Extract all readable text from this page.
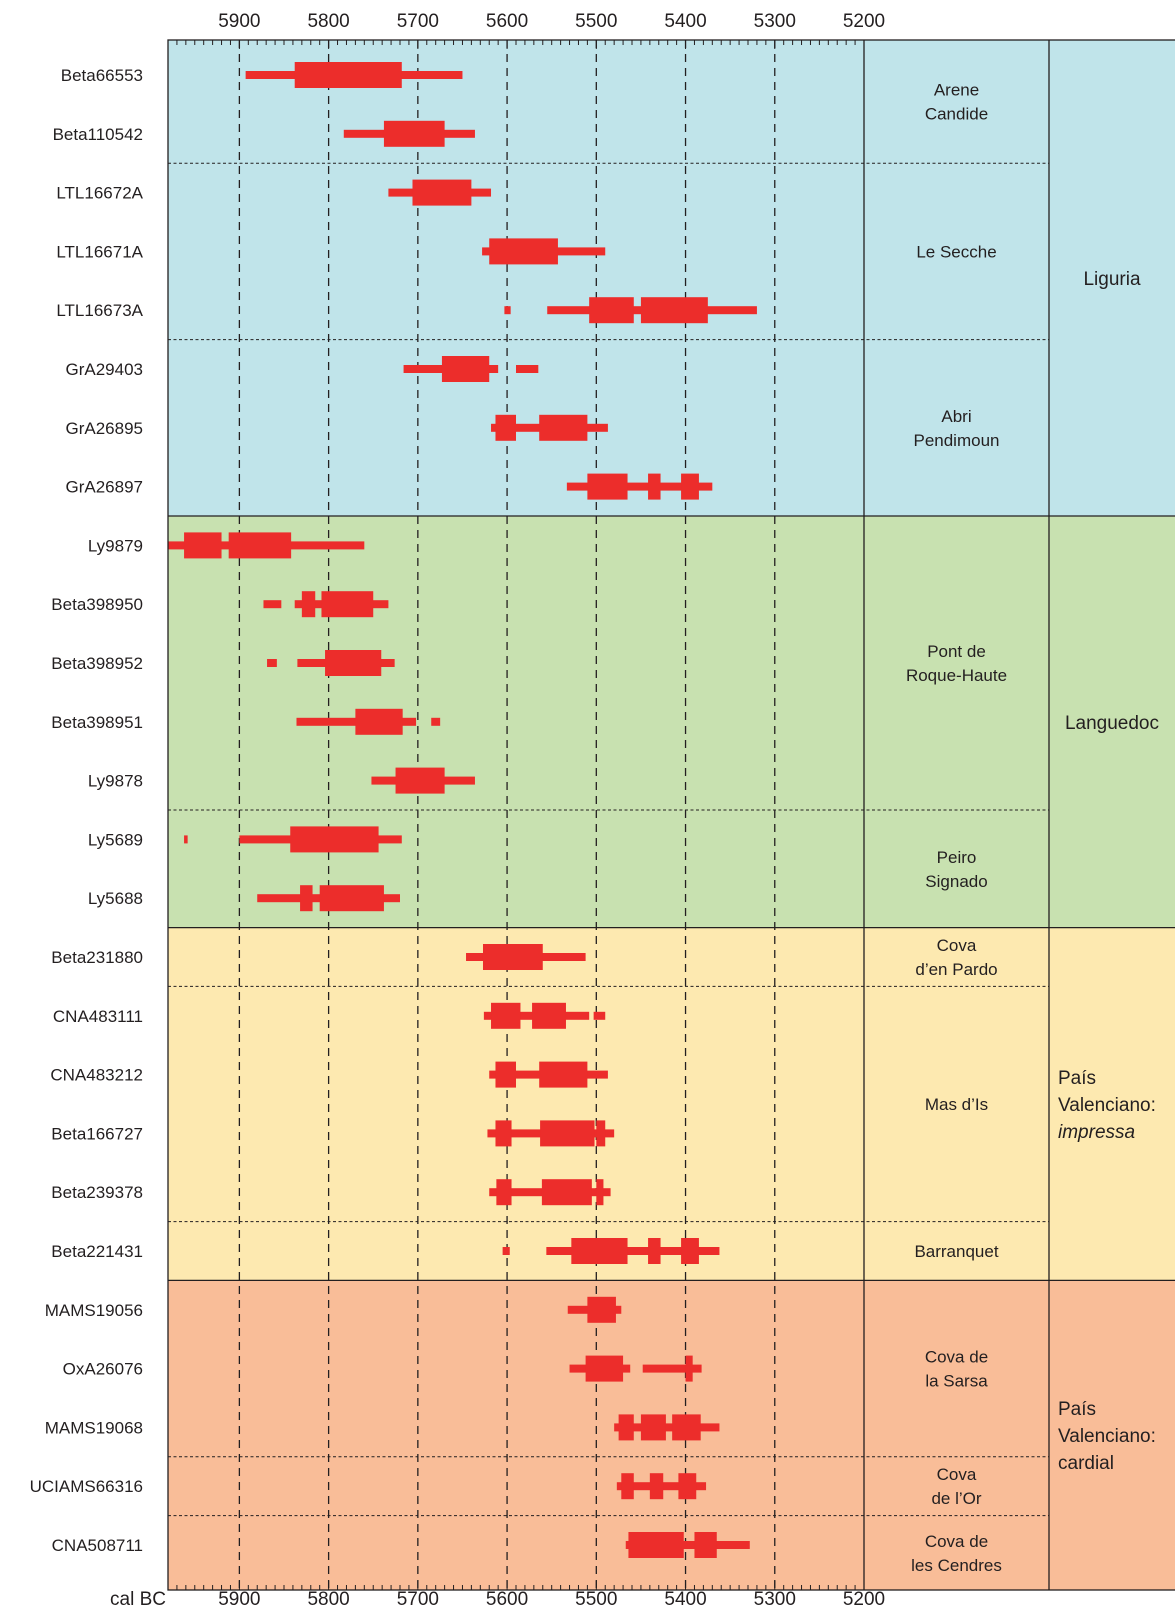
5900
5900
5800
5800
5700
5700
5600
5600
5500
5500
5400
5400
5300
5300
5200
5200
cal BC
Beta66553
Beta110542
LTL16672A
LTL16671A
LTL16673A
GrA29403
GrA26895
GrA26897
Ly9879
Beta398950
Beta398952
Beta398951
Ly9878
Ly5689
Ly5688
Beta231880
CNA483111
CNA483212
Beta166727
Beta239378
Beta221431
MAMS19056
OxA26076
MAMS19068
UCIAMS66316
CNA508711
Arene
Candide
Le Secche
Abri
Pendimoun
Pont de
Roque-Haute
Peiro
Signado
Cova
d’en Pardo
Mas d’Is
Barranquet
Cova de
la Sarsa
Cova
de l’Or
Cova de
les Cendres
Liguria
Languedoc
País
Valenciano:
impressa
País
Valenciano:
cardial
